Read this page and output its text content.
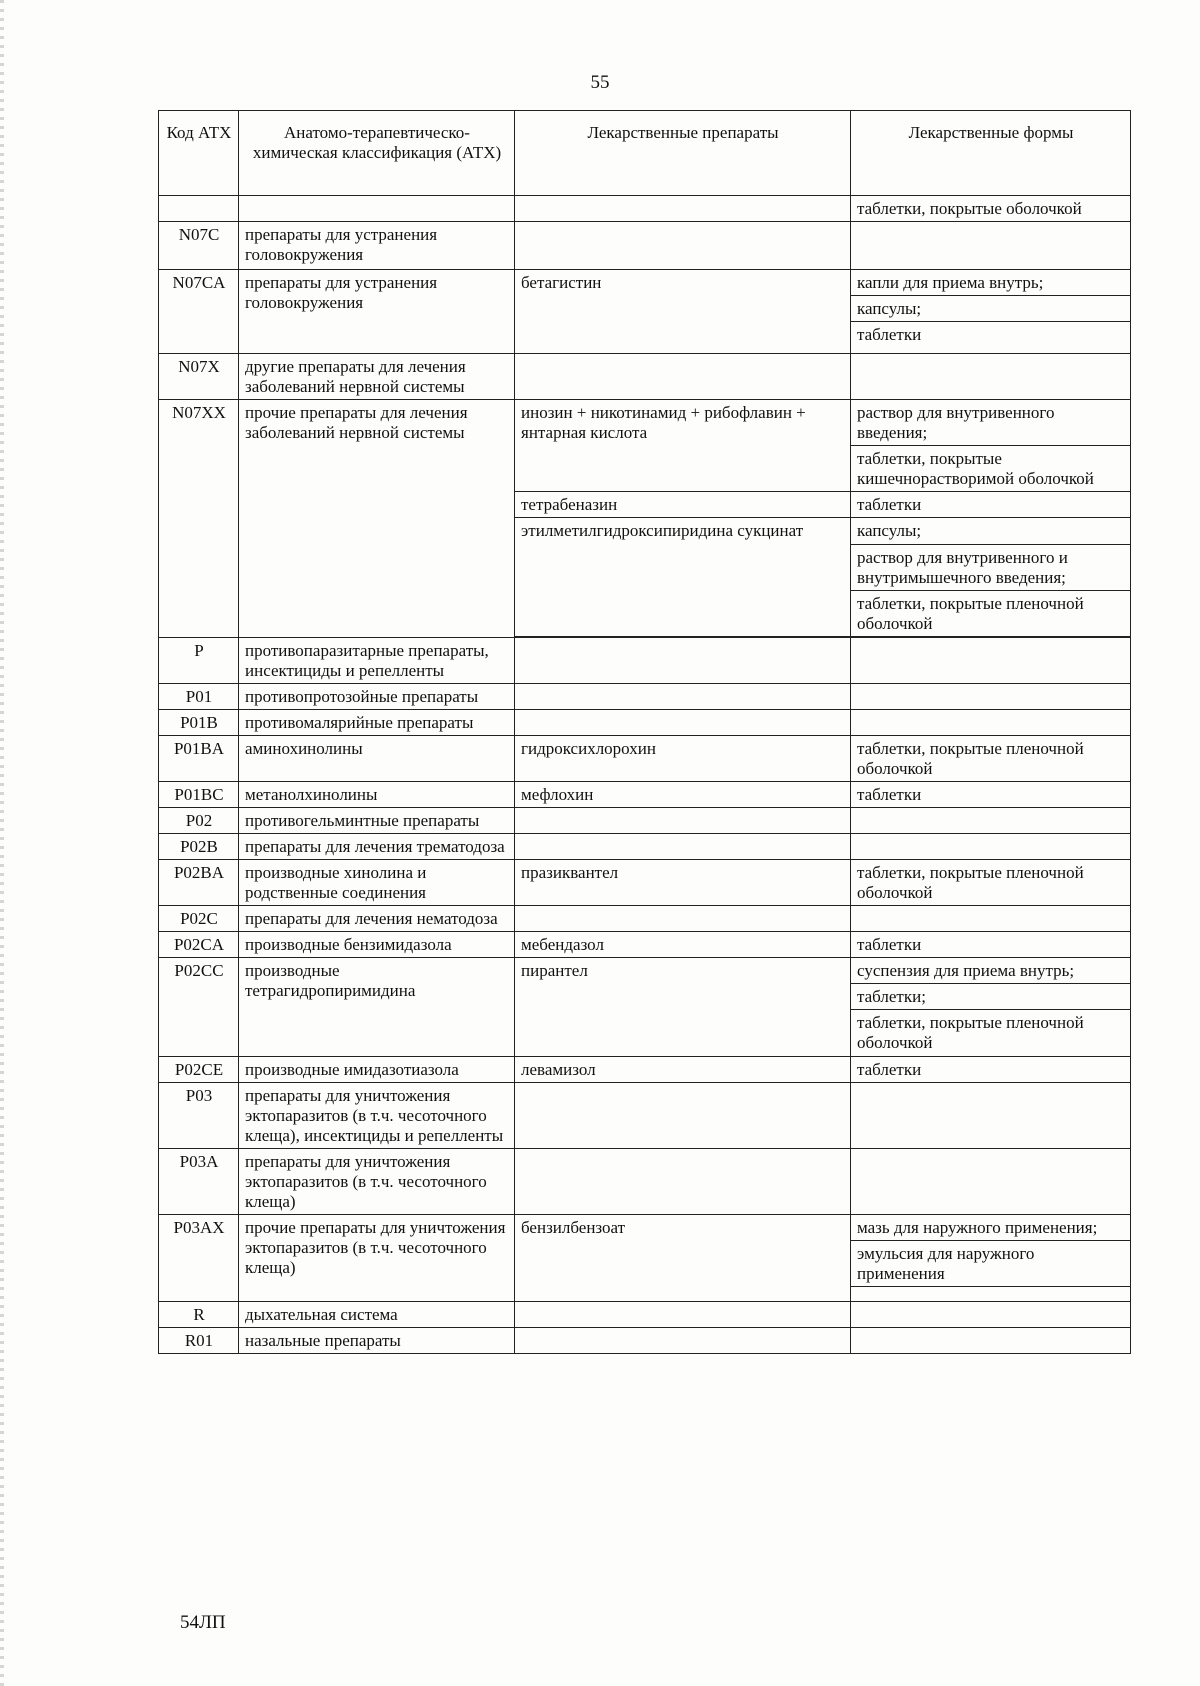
55
Код АТХ	Анатомо-терапевтическо-химическая классификация (АТХ)	Лекарственные препараты	Лекарственные формы
			таблетки, покрытые оболочкой
N07C	препараты для устранения головокружения		
N07CA	препараты для устранения головокружения	бетагистин	капли для приема внутрь;
			капсулы;
			таблетки
N07X	другие препараты для лечения заболеваний нервной системы		
N07XX	прочие препараты для лечения заболеваний нервной системы	инозин + никотинамид + рибофлавин + янтарная кислота	раствор для внутривенного введения;
			таблетки, покрытые кишечнорастворимой оболочкой
		тетрабеназин	таблетки
		этилметилгидроксипиридина сукцинат	капсулы;
			раствор для внутривенного и внутримышечного введения;
			таблетки, покрытые пленочной оболочкой

P	противопаразитарные препараты, инсектициды и репелленты		
P01	противопротозойные препараты		
P01B	противомалярийные препараты		
P01BA	аминохинолины	гидроксихлорохин	таблетки, покрытые пленочной оболочкой
P01BC	метанолхинолины	мефлохин	таблетки
P02	противогельминтные препараты		
P02B	препараты для лечения трематодоза		
P02BA	производные хинолина и родственные соединения	празиквантел	таблетки, покрытые пленочной оболочкой
P02C	препараты для лечения нематодоза		
P02CA	производные бензимидазола	мебендазол	таблетки
P02CC	производные тетрагидропиримидина	пирантел	суспензия для приема внутрь;
			таблетки;
			таблетки, покрытые пленочной оболочкой
P02CE	производные имидазотиазола	левамизол	таблетки
P03	препараты для уничтожения эктопаразитов (в т.ч. чесоточного клеща), инсектициды и репелленты		
P03A	препараты для уничтожения эктопаразитов (в т.ч. чесоточного клеща)		
P03AX	прочие препараты для уничтожения эктопаразитов (в т.ч. чесоточного клеща)	бензилбензоат	мазь для наружного применения;
			эмульсия для наружного применения

R	дыхательная система		
R01	назальные препараты		
54ЛП
